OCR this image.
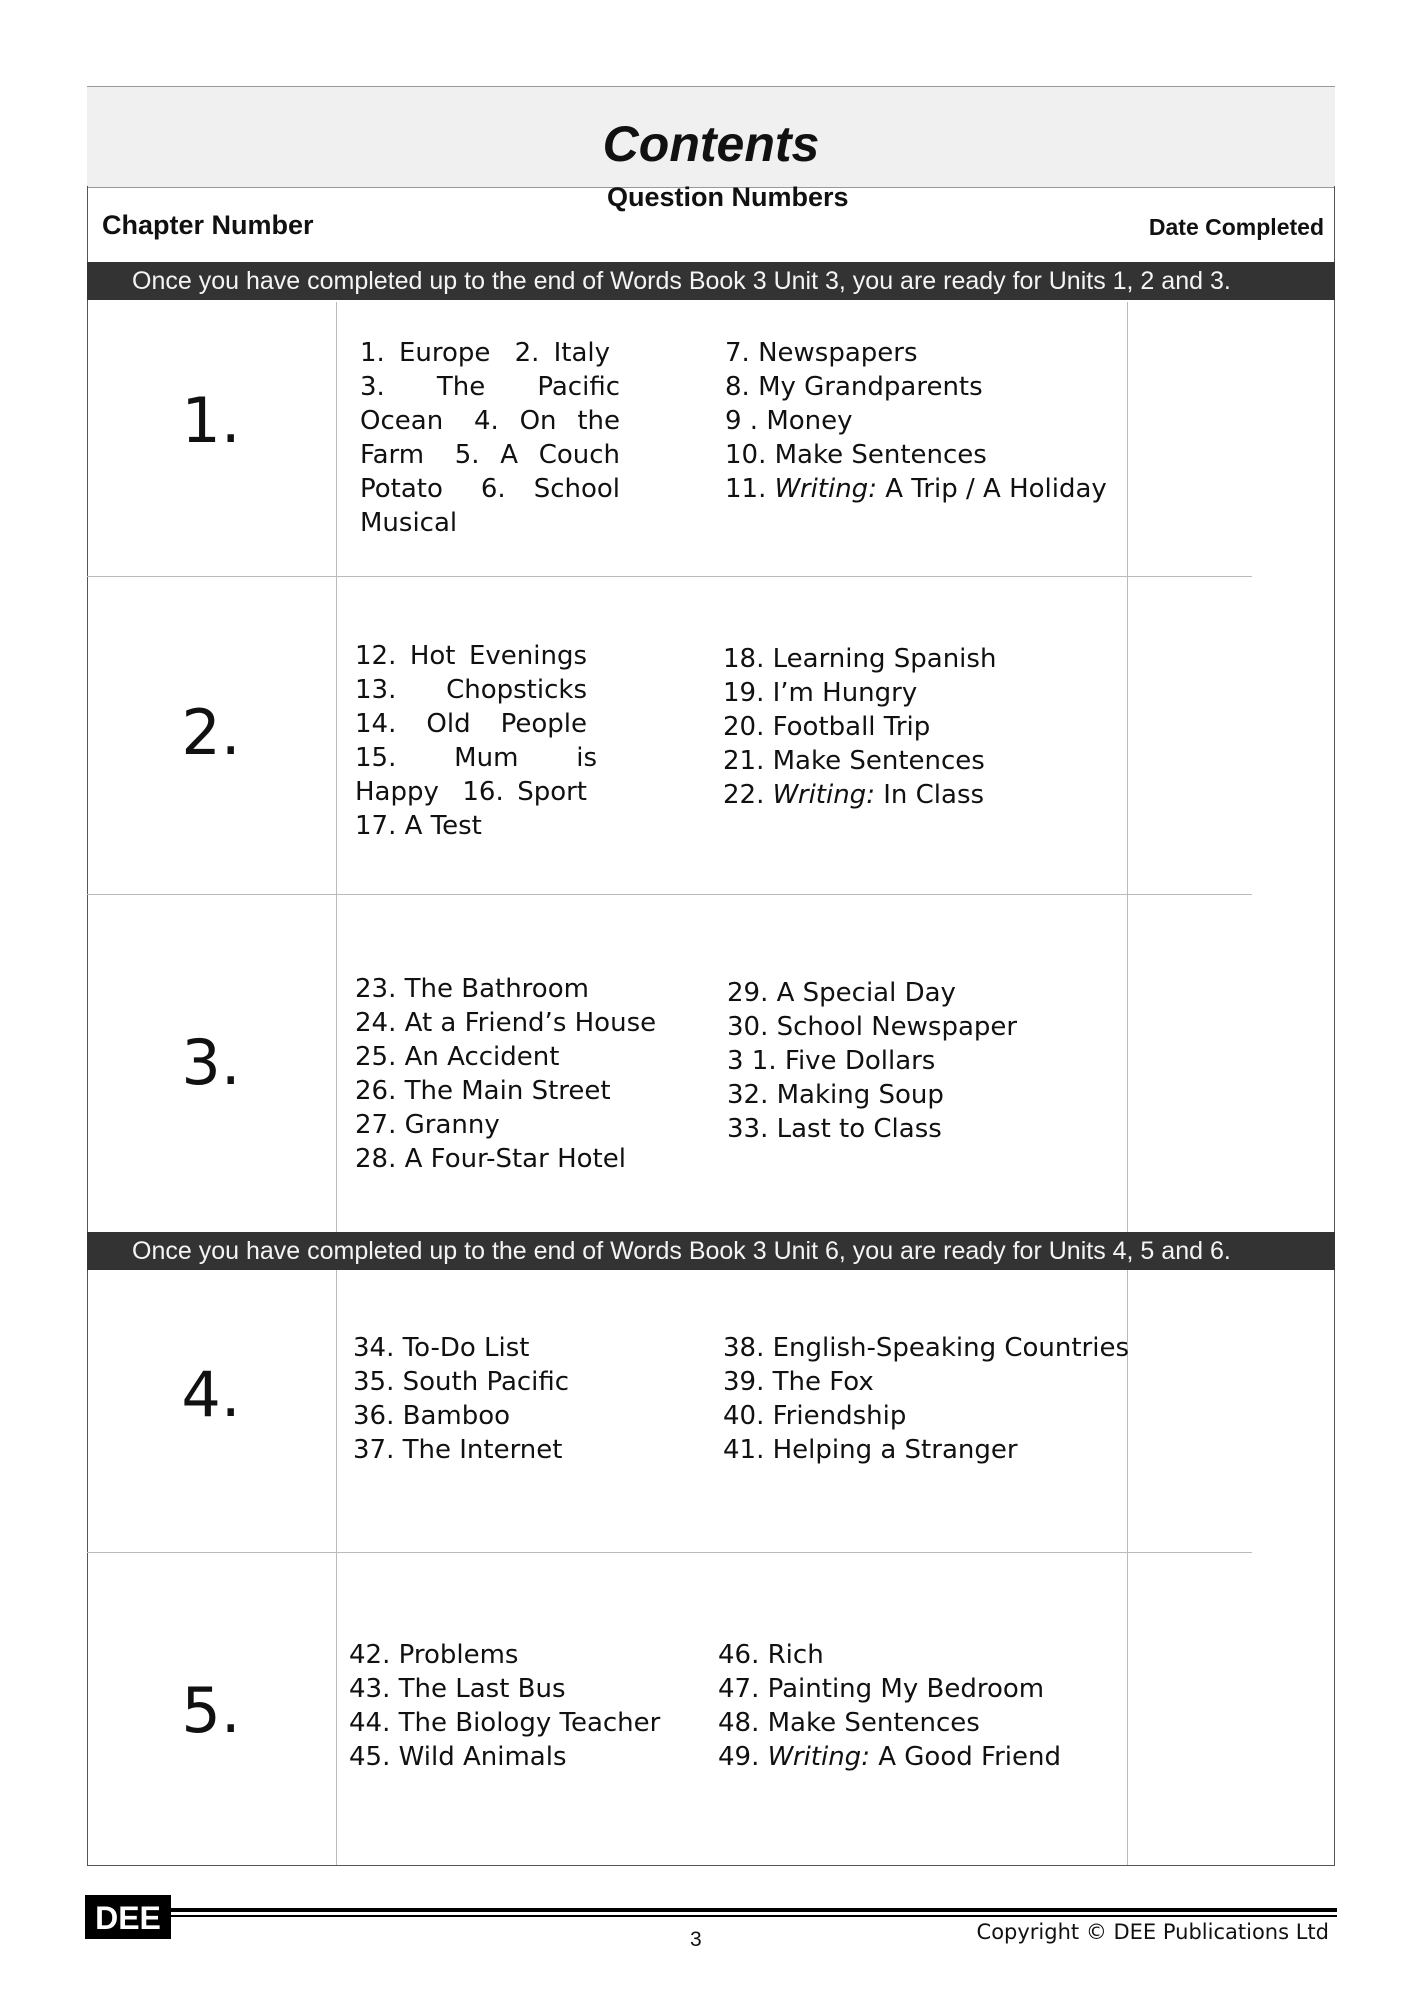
Contents
Question Numbers
Chapter Number	Date Completed
Once you have completed up to the end of Words Book 3 Unit 3, you are ready for Units 1, 2 and 3.
1.

1. Europe 2. Italy 3. The Pacific Ocean 4. On the Farm 5. A Couch Potato 6. School Musical

7. Newspapers
8. My Grandparents
9 . Money
10. Make Sentences
11. Writing: A Trip / A Holiday
2.

12. Hot Evenings 13. Chopsticks 14. Old People 15. Mum is Happy 16. Sport 17. A Test

18. Learning Spanish
19. I’m Hungry
20. Football Trip
21. Make Sentences
22. Writing: In Class
3.
23. The Bathroom
24. At a Friend’s House
25. An Accident
26. The Main Street
27. Granny
28. A Four-Star Hotel
29. A Special Day
30. School Newspaper
3 1. Five Dollars
32. Making Soup
33. Last to Class
Once you have completed up to the end of Words Book 3 Unit 6, you are ready for Units 4, 5 and 6.
4.
34. To-Do List
35. South Pacific
36. Bamboo
37. The Internet
38. English-Speaking Countries
39. The Fox
40. Friendship
41. Helping a Stranger
5.
42. Problems
43. The Last Bus
44. The Biology Teacher
45. Wild Animals
46. Rich
47. Painting My Bedroom
48. Make Sentences
49. Writing: A Good Friend
DEE
3	Copyright © DEE Publications Ltd
